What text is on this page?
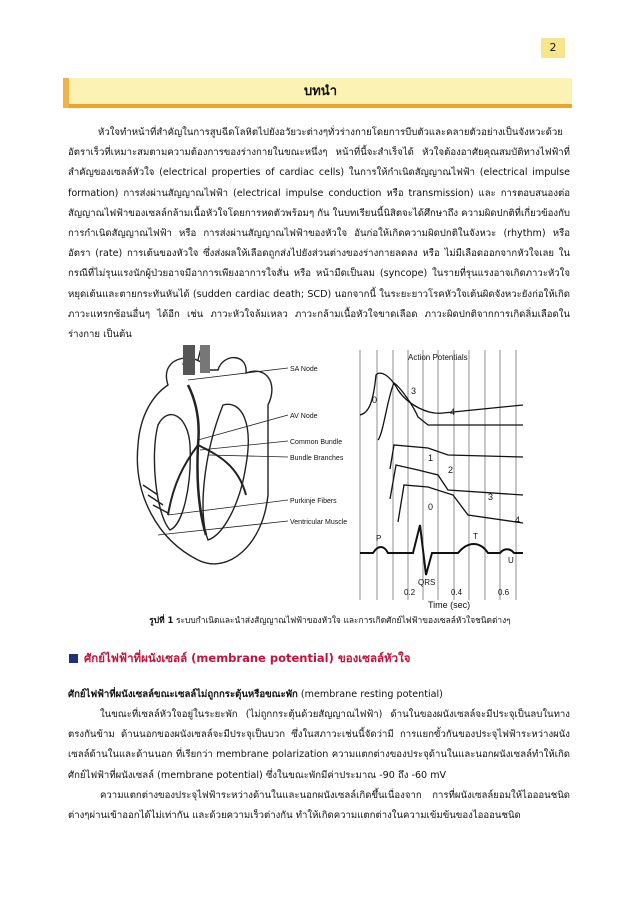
2
บทนำ

หัวใจทำหน้าที่สำคัญในการสูบฉีดโลหิตไปยังอวัยวะต่างๆทั่วร่างกายโดยการบีบตัวและคลายตัวอย่างเป็นจังหวะด้วยอัตราเร็วที่เหมาะสมตามความต้องการของร่างกายในขณะหนึ่งๆ หน้าที่นี้จะสำเร็จได้ หัวใจต้องอาศัยคุณสมบัติทางไฟฟ้าที่สำคัญของเซลล์หัวใจ (electrical properties of cardiac cells) ในการให้กำเนิดสัญญาณไฟฟ้า (electrical impulse formation) การส่งผ่านสัญญาณไฟฟ้า (electrical impulse conduction หรือ transmission) และ การตอบสนองต่อสัญญาณไฟฟ้าของเซลล์กล้ามเนื้อหัวใจโดยการหดตัวพร้อมๆ กัน ในบทเรียนนี้นิสิตจะได้ศึกษาถึง ความผิดปกติที่เกี่ยวข้องกับการกำเนิดสัญญาณไฟฟ้า หรือ การส่งผ่านสัญญาณไฟฟ้าของหัวใจ อันก่อให้เกิดความผิดปกติในจังหวะ (rhythm) หรือ อัตรา (rate) การเต้นของหัวใจ ซึ่งส่งผลให้เลือดถูกส่งไปยังส่วนต่างของร่างกายลดลง หรือ ไม่มีเลือดออกจากหัวใจเลย ในกรณีที่ไม่รุนแรงนักผู้ป่วยอาจมีอาการเพียงอาการใจสั่น หรือ หน้ามืดเป็นลม (syncope) ในรายที่รุนแรงอาจเกิดภาวะหัวใจหยุดเต้นและตายกระทันหันได้ (sudden cardiac death; SCD) นอกจากนี้ ในระยะยาวโรคหัวใจเต้นผิดจังหวะยังก่อให้เกิดภาวะแทรกซ้อนอื่นๆ ได้อีก เช่น ภาวะหัวใจล้มเหลว ภาวะกล้ามเนื้อหัวใจขาดเลือด ภาวะผิดปกติจากการเกิดลิ่มเลือดในร่างกาย เป็นต้น

SA Node
AV Node
Common Bundle
Bundle Branches
Purkinje Fibers
Ventricular Muscle
Action Potentials
0
3
4
1
2
3
0
4
P	T
U
QRS
0.2	0.4	0.6
Time (sec)
รูปที่ 1 ระบบกำเนิดและนำส่งสัญญาณไฟฟ้าของหัวใจ และการเกิดศักย์ไฟฟ้าของเซลล์หัวใจชนิดต่างๆ
ศักย์ไฟฟ้าที่ผนังเซลล์ (membrane potential) ของเซลล์หัวใจ
ศักย์ไฟฟ้าที่ผนังเซลล์ขณะเซลล์ไม่ถูกกระตุ้นหรือขณะพัก (membrane resting potential)

ในขณะที่เซลล์หัวใจอยู่ในระยะพัก (ไม่ถูกกระตุ้นด้วยสัญญาณไฟฟ้า) ด้านในของผนังเซลล์จะมีประจุเป็นลบในทางตรงกันข้าม ด้านนอกของผนังเซลล์จะมีประจุเป็นบวก ซึ่งในสภาวะเช่นนี้จัดว่ามี การแยกขั้วกันของประจุไฟฟ้าระหว่างผนังเซลล์ด้านในและด้านนอก ที่เรียกว่า membrane polarization ความแตกต่างของประจุด้านในและนอกผนังเซลล์ทำให้เกิดศักย์ไฟฟ้าที่ผนังเซลล์ (membrane potential) ซึ่งในขณะพักมีค่าประมาณ -90 ถึง -60 mV

ความแตกต่างของประจุไฟฟ้าระหว่างด้านในและนอกผนังเซลล์เกิดขึ้นเนื่องจาก การที่ผนังเซลล์ยอมให้ไอออนชนิดต่างๆผ่านเข้าออกได้ไม่เท่ากัน และด้วยความเร็วต่างกัน ทำให้เกิดความแตกต่างในความเข้มข้นของไอออนชนิด
